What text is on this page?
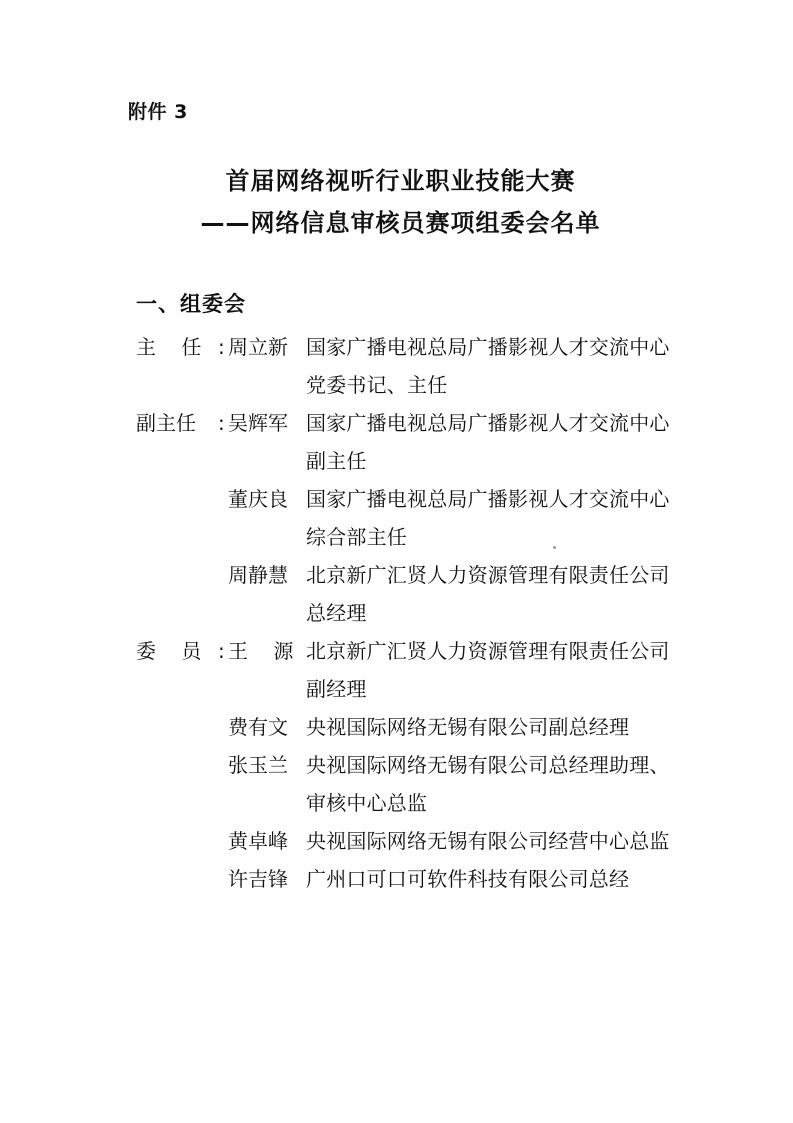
附件 3
首届网络视听行业职业技能大赛
——网络信息审核员赛项组委会名单
一、组委会
主    任 : 周立新 国家广播电视总局广播影视人才交流中心党委书记、主任
副主任	: 吴辉军 国家广播电视总局广播影视人才交流中心副主任
董庆良 国家广播电视总局广播影视人才交流中心综合部主任
周静慧 北京新广汇贤人力资源管理有限责任公司总经理
委    员 : 王    源 北京新广汇贤人力资源管理有限责任公司副经理
费有文 央视国际网络无锡有限公司副总经理
张玉兰 央视国际网络无锡有限公司总经理助理、审核中心总监
黄卓峰 央视国际网络无锡有限公司经营中心总监
许吉锋 广州口可口可软件科技有限公司总经
